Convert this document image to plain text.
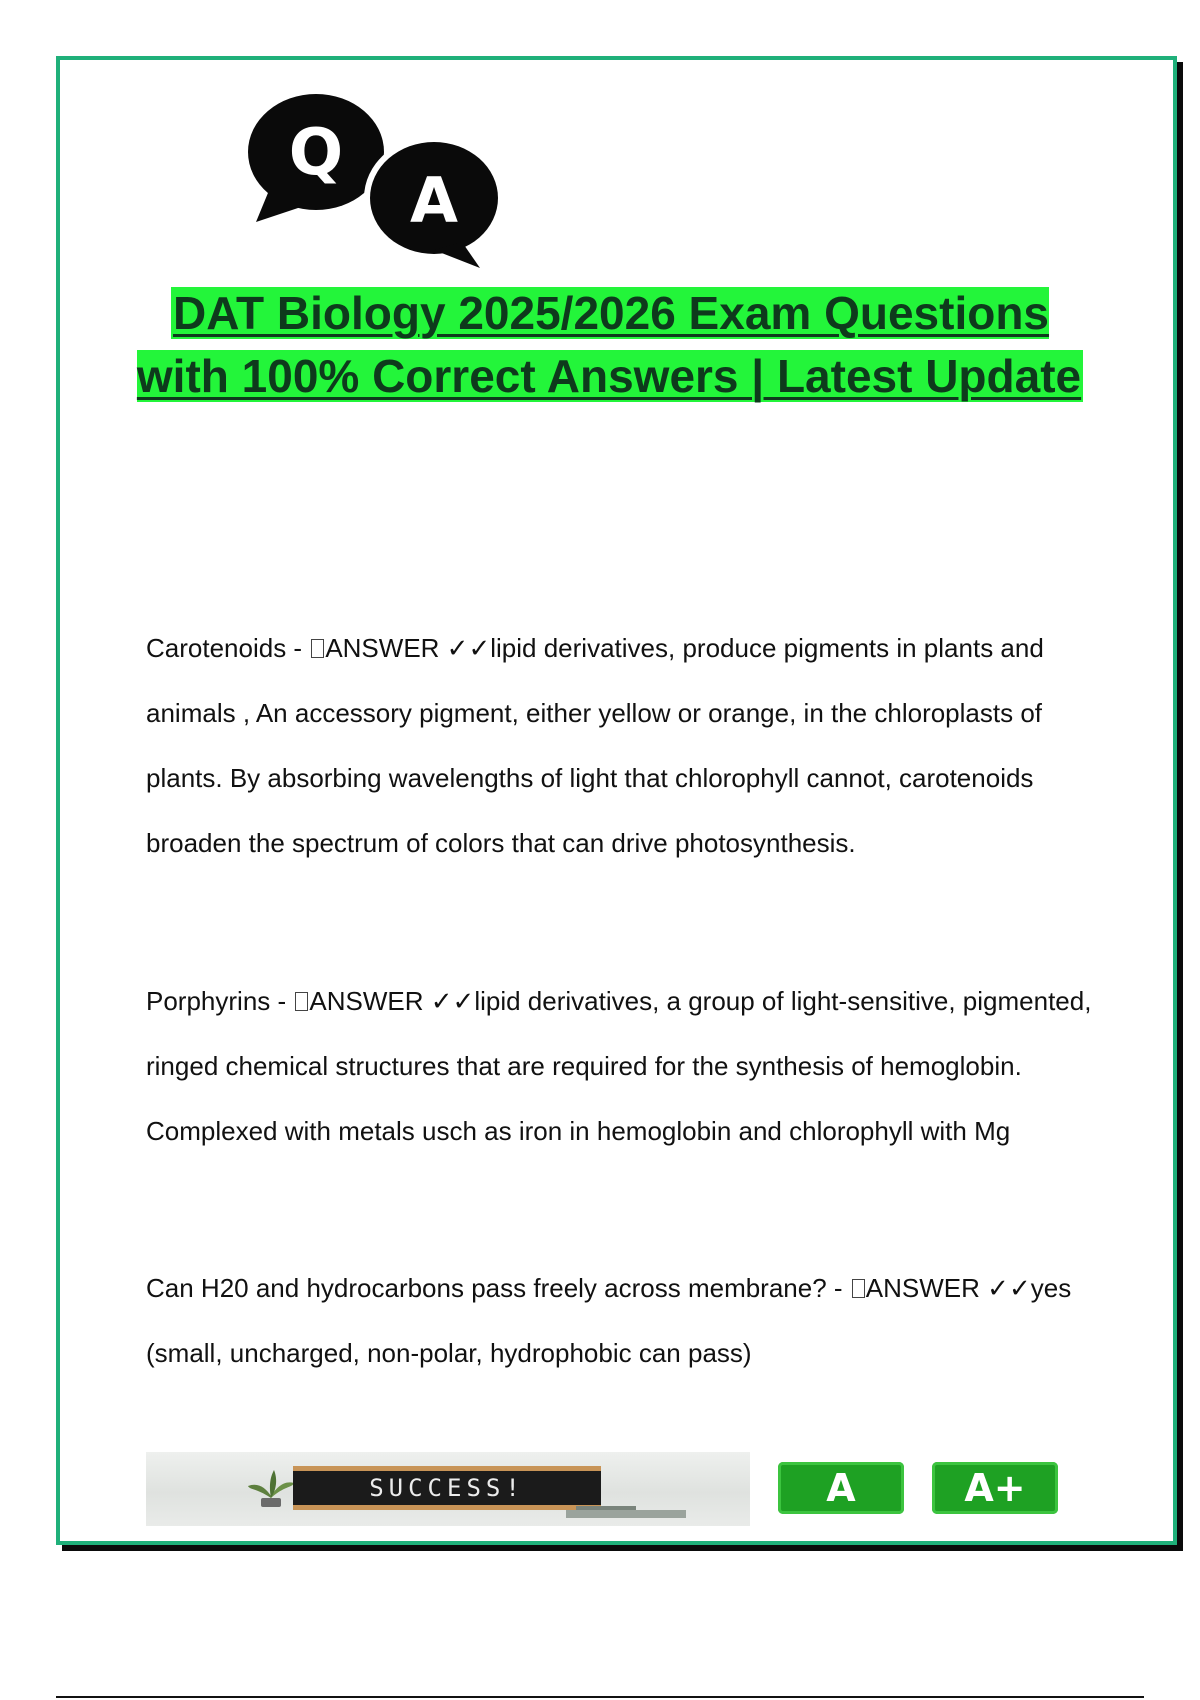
Q
A
DAT Biology 2025/2026 Exam Questions with 100% Correct Answers | Latest Update

Carotenoids - ANSWER ✓✓lipid derivatives, produce pigments in plants and animals , An accessory pigment, either yellow or orange, in the chloroplasts of plants. By absorbing wavelengths of light that chlorophyll cannot, carotenoids broaden the spectrum of colors that can drive photosynthesis.

Porphyrins - ANSWER ✓✓lipid derivatives, a group of light-sensitive, pigmented, ringed chemical structures that are required for the synthesis of hemoglobin. Complexed with metals usch as iron in hemoglobin and chlorophyll with Mg

Can H20 and hydrocarbons pass freely across membrane? - ANSWER ✓✓yes (small, uncharged, non-polar, hydrophobic can pass)

SUCCESS!	A	A+
